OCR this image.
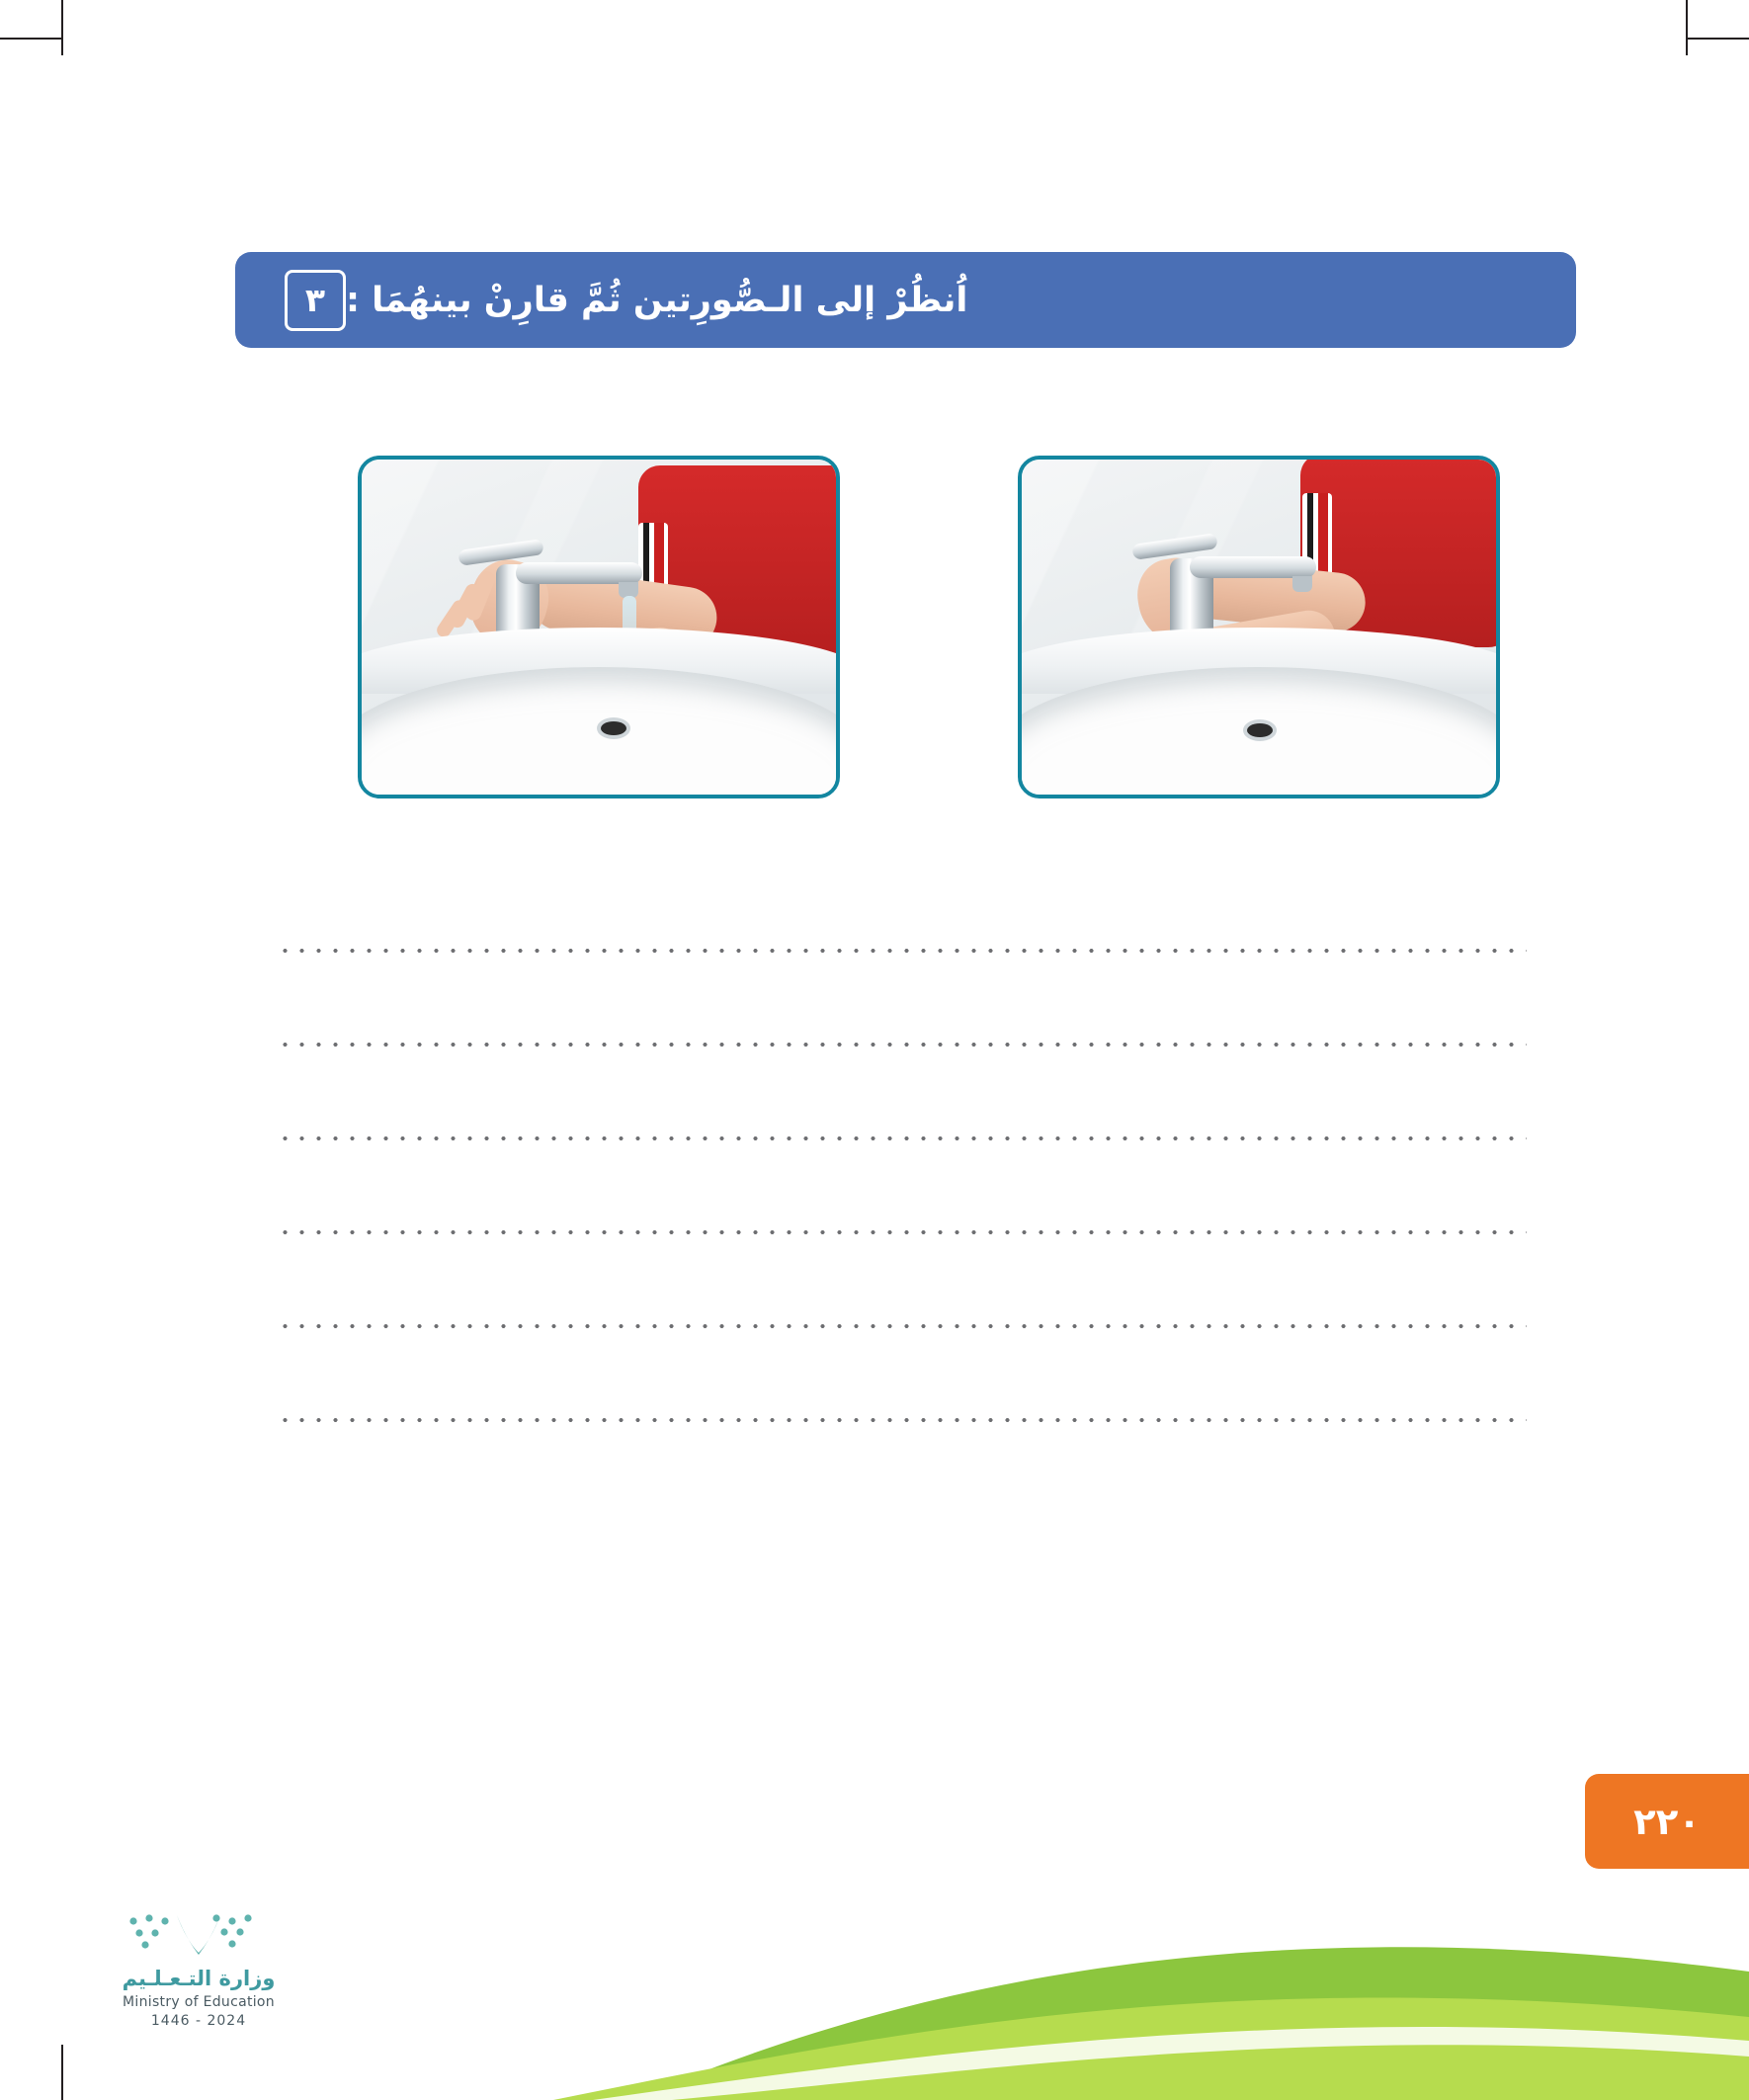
٣ اُنظُرْ إلى الـصُّورِتين ثُمَّ قارِنْ بينهُمَا :
٢٢٠
وزارة التـعـلـيم
Ministry of Education
2024 - 1446
